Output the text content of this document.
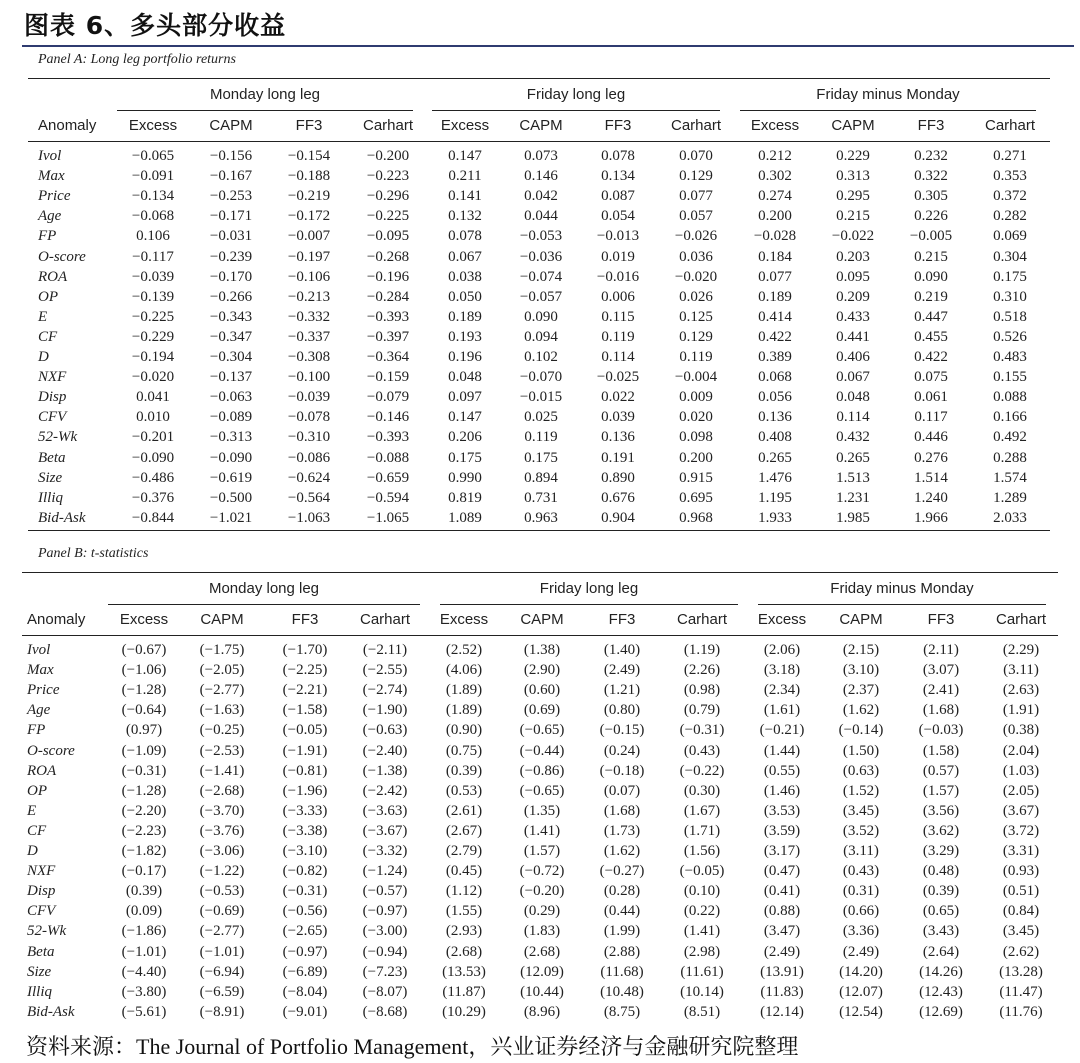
图表 6、多头部分收益
Panel A: Long leg portfolio returns
Panel B: t-statistics
资料来源：The Journal of Portfolio Management，兴业证券经济与金融研究院整理
Monday long leg	Friday long leg	Friday minus Monday
Anomaly	Excess	CAPM	FF3	Carhart	Excess	CAPM	FF3	Carhart	Excess	CAPM	FF3	Carhart
Ivol	−0.065	−0.156	−0.154	−0.200	0.147	0.073	0.078	0.070	0.212	0.229	0.232	0.271
Max	−0.091	−0.167	−0.188	−0.223	0.211	0.146	0.134	0.129	0.302	0.313	0.322	0.353
Price	−0.134	−0.253	−0.219	−0.296	0.141	0.042	0.087	0.077	0.274	0.295	0.305	0.372
Age	−0.068	−0.171	−0.172	−0.225	0.132	0.044	0.054	0.057	0.200	0.215	0.226	0.282
FP	0.106	−0.031	−0.007	−0.095	0.078	−0.053	−0.013	−0.026	−0.028	−0.022	−0.005	0.069
O-score	−0.117	−0.239	−0.197	−0.268	0.067	−0.036	0.019	0.036	0.184	0.203	0.215	0.304
ROA	−0.039	−0.170	−0.106	−0.196	0.038	−0.074	−0.016	−0.020	0.077	0.095	0.090	0.175
OP	−0.139	−0.266	−0.213	−0.284	0.050	−0.057	0.006	0.026	0.189	0.209	0.219	0.310
E	−0.225	−0.343	−0.332	−0.393	0.189	0.090	0.115	0.125	0.414	0.433	0.447	0.518
CF	−0.229	−0.347	−0.337	−0.397	0.193	0.094	0.119	0.129	0.422	0.441	0.455	0.526
D	−0.194	−0.304	−0.308	−0.364	0.196	0.102	0.114	0.119	0.389	0.406	0.422	0.483
NXF	−0.020	−0.137	−0.100	−0.159	0.048	−0.070	−0.025	−0.004	0.068	0.067	0.075	0.155
Disp	0.041	−0.063	−0.039	−0.079	0.097	−0.015	0.022	0.009	0.056	0.048	0.061	0.088
CFV	0.010	−0.089	−0.078	−0.146	0.147	0.025	0.039	0.020	0.136	0.114	0.117	0.166
52-Wk	−0.201	−0.313	−0.310	−0.393	0.206	0.119	0.136	0.098	0.408	0.432	0.446	0.492
Beta	−0.090	−0.090	−0.086	−0.088	0.175	0.175	0.191	0.200	0.265	0.265	0.276	0.288
Size	−0.486	−0.619	−0.624	−0.659	0.990	0.894	0.890	0.915	1.476	1.513	1.514	1.574
Illiq	−0.376	−0.500	−0.564	−0.594	0.819	0.731	0.676	0.695	1.195	1.231	1.240	1.289
Bid-Ask	−0.844	−1.021	−1.063	−1.065	1.089	0.963	0.904	0.968	1.933	1.985	1.966	2.033
Monday long leg	Friday long leg	Friday minus Monday
Anomaly	Excess	CAPM	FF3	Carhart	Excess	CAPM	FF3	Carhart	Excess	CAPM	FF3	Carhart
Ivol	(−0.67)	(−1.75)	(−1.70)	(−2.11)	(2.52)	(1.38)	(1.40)	(1.19)	(2.06)	(2.15)	(2.11)	(2.29)
Max	(−1.06)	(−2.05)	(−2.25)	(−2.55)	(4.06)	(2.90)	(2.49)	(2.26)	(3.18)	(3.10)	(3.07)	(3.11)
Price	(−1.28)	(−2.77)	(−2.21)	(−2.74)	(1.89)	(0.60)	(1.21)	(0.98)	(2.34)	(2.37)	(2.41)	(2.63)
Age	(−0.64)	(−1.63)	(−1.58)	(−1.90)	(1.89)	(0.69)	(0.80)	(0.79)	(1.61)	(1.62)	(1.68)	(1.91)
FP	(0.97)	(−0.25)	(−0.05)	(−0.63)	(0.90)	(−0.65)	(−0.15)	(−0.31)	(−0.21)	(−0.14)	(−0.03)	(0.38)
O-score	(−1.09)	(−2.53)	(−1.91)	(−2.40)	(0.75)	(−0.44)	(0.24)	(0.43)	(1.44)	(1.50)	(1.58)	(2.04)
ROA	(−0.31)	(−1.41)	(−0.81)	(−1.38)	(0.39)	(−0.86)	(−0.18)	(−0.22)	(0.55)	(0.63)	(0.57)	(1.03)
OP	(−1.28)	(−2.68)	(−1.96)	(−2.42)	(0.53)	(−0.65)	(0.07)	(0.30)	(1.46)	(1.52)	(1.57)	(2.05)
E	(−2.20)	(−3.70)	(−3.33)	(−3.63)	(2.61)	(1.35)	(1.68)	(1.67)	(3.53)	(3.45)	(3.56)	(3.67)
CF	(−2.23)	(−3.76)	(−3.38)	(−3.67)	(2.67)	(1.41)	(1.73)	(1.71)	(3.59)	(3.52)	(3.62)	(3.72)
D	(−1.82)	(−3.06)	(−3.10)	(−3.32)	(2.79)	(1.57)	(1.62)	(1.56)	(3.17)	(3.11)	(3.29)	(3.31)
NXF	(−0.17)	(−1.22)	(−0.82)	(−1.24)	(0.45)	(−0.72)	(−0.27)	(−0.05)	(0.47)	(0.43)	(0.48)	(0.93)
Disp	(0.39)	(−0.53)	(−0.31)	(−0.57)	(1.12)	(−0.20)	(0.28)	(0.10)	(0.41)	(0.31)	(0.39)	(0.51)
CFV	(0.09)	(−0.69)	(−0.56)	(−0.97)	(1.55)	(0.29)	(0.44)	(0.22)	(0.88)	(0.66)	(0.65)	(0.84)
52-Wk	(−1.86)	(−2.77)	(−2.65)	(−3.00)	(2.93)	(1.83)	(1.99)	(1.41)	(3.47)	(3.36)	(3.43)	(3.45)
Beta	(−1.01)	(−1.01)	(−0.97)	(−0.94)	(2.68)	(2.68)	(2.88)	(2.98)	(2.49)	(2.49)	(2.64)	(2.62)
Size	(−4.40)	(−6.94)	(−6.89)	(−7.23)	(13.53)	(12.09)	(11.68)	(11.61)	(13.91)	(14.20)	(14.26)	(13.28)
Illiq	(−3.80)	(−6.59)	(−8.04)	(−8.07)	(11.87)	(10.44)	(10.48)	(10.14)	(11.83)	(12.07)	(12.43)	(11.47)
Bid-Ask	(−5.61)	(−8.91)	(−9.01)	(−8.68)	(10.29)	(8.96)	(8.75)	(8.51)	(12.14)	(12.54)	(12.69)	(11.76)
